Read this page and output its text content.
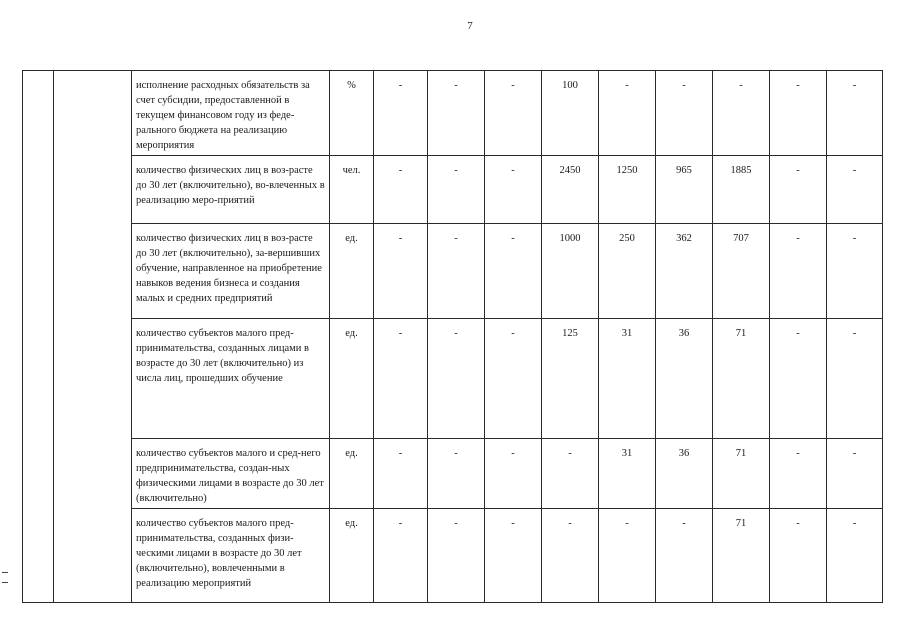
7
		исполнение расходных обязательств за счет субсидии, предоставленной в текущем финансовом году из феде-рального бюджета на реализацию мероприятия	%	-	-	-	100	-	-	-	-	-
		количество физических лиц в воз-расте до 30 лет (включительно), во-влеченных в реализацию меро-приятий	чел.	-	-	-	2450	1250	965	1885	-	-
		количество физических лиц в воз-расте до 30 лет (включительно), за-вершивших обучение, направленное на приобретение навыков ведения бизнеса и создания малых и средних предприятий	ед.	-	-	-	1000	250	362	707	-	-
		количество субъектов малого пред-принимательства, созданных лицами в возрасте до 30 лет (включительно) из числа лиц, прошедших обучение	ед.	-	-	-	125	31	36	71	-	-
		количество субъектов малого и сред-него предпринимательства, создан-ных физическими лицами в возрасте до 30 лет (включительно)	ед.	-	-	-	-	31	36	71	-	-
		количество субъектов малого пред-принимательства, созданных физи-ческими лицами в возрасте до 30 лет (включительно), вовлеченными в реализацию мероприятий	ед.	-	-	-	-	-	-	71	-	-
